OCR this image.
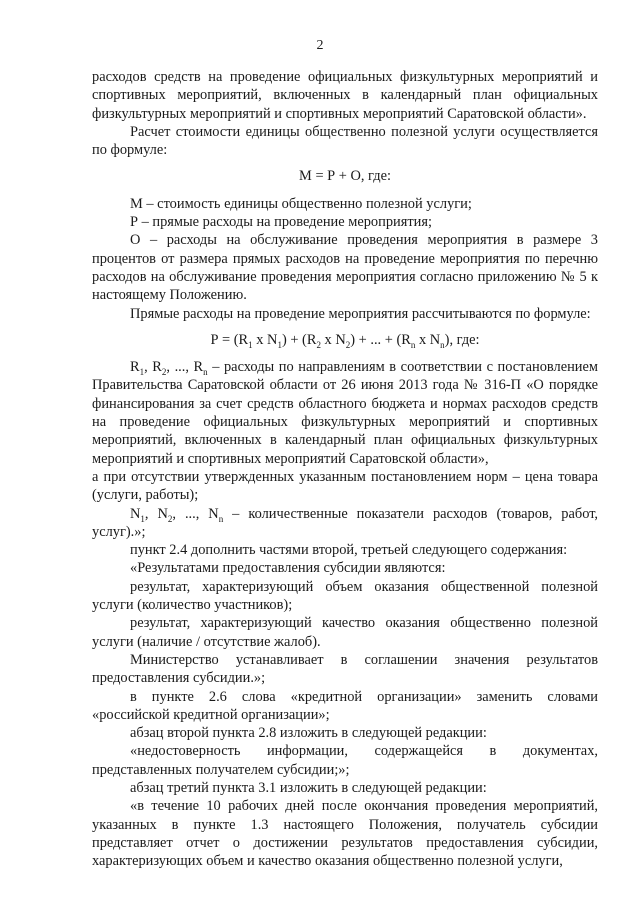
2

расходов средств на проведение официальных физкультурных мероприятий и спортивных мероприятий, включенных в календарный план официальных физкультурных мероприятий и спортивных мероприятий Саратовской области».

Расчет стоимости единицы общественно полезной услуги осуществляется по формуле:

М = Р + О, где:

М – стоимость единицы общественно полезной услуги;

Р – прямые расходы на проведение мероприятия;

О – расходы на обслуживание проведения мероприятия в размере 3 процентов от размера прямых расходов на проведение мероприятия по перечню расходов на обслуживание проведения мероприятия согласно приложению № 5 к настоящему Положению.

Прямые расходы на проведение мероприятия рассчитываются по формуле:

$Р = (R_1$ x $N_1) + (R_2$ x $N_2$) + ... + ($R_n$ x $N_n$), где:

$R_1$, $R_2$, ..., $R_n$ – расходы по направлениям в соответствии с постановлением Правительства Саратовской области от 26 июня 2013 года № 316-П «О порядке финансирования за счет средств областного бюджета и нормах расходов средств на проведение официальных физкультурных мероприятий и спортивных мероприятий, включенных в календарный план официальных физкультурных мероприятий и спортивных мероприятий Саратовской области»,

а при отсутствии утвержденных указанным постановлением норм – цена товара (услуги, работы);

$N_1$, $N_2$, ..., $N_n$ – количественные показатели расходов (товаров, работ, услуг).»;

пункт 2.4 дополнить частями второй, третьей следующего содержания:

«Результатами предоставления субсидии являются:

результат, характеризующий объем оказания общественной полезной услуги (количество участников);

результат, характеризующий качество оказания общественно полезной услуги (наличие / отсутствие жалоб).

Министерство устанавливает в соглашении значения результатов предоставления субсидии.»;

в пункте 2.6 слова «кредитной организации» заменить словами «российской кредитной организации»;

абзац второй пункта 2.8 изложить в следующей редакции:

«недостоверность информации, содержащейся в документах, представленных получателем субсидии;»;

абзац третий пункта 3.1 изложить в следующей редакции:

«в течение 10 рабочих дней после окончания проведения мероприятий, указанных в пункте 1.3 настоящего Положения, получатель субсидии представляет отчет о достижении результатов предоставления субсидии, характеризующих объем и качество оказания общественно полезной услуги,
